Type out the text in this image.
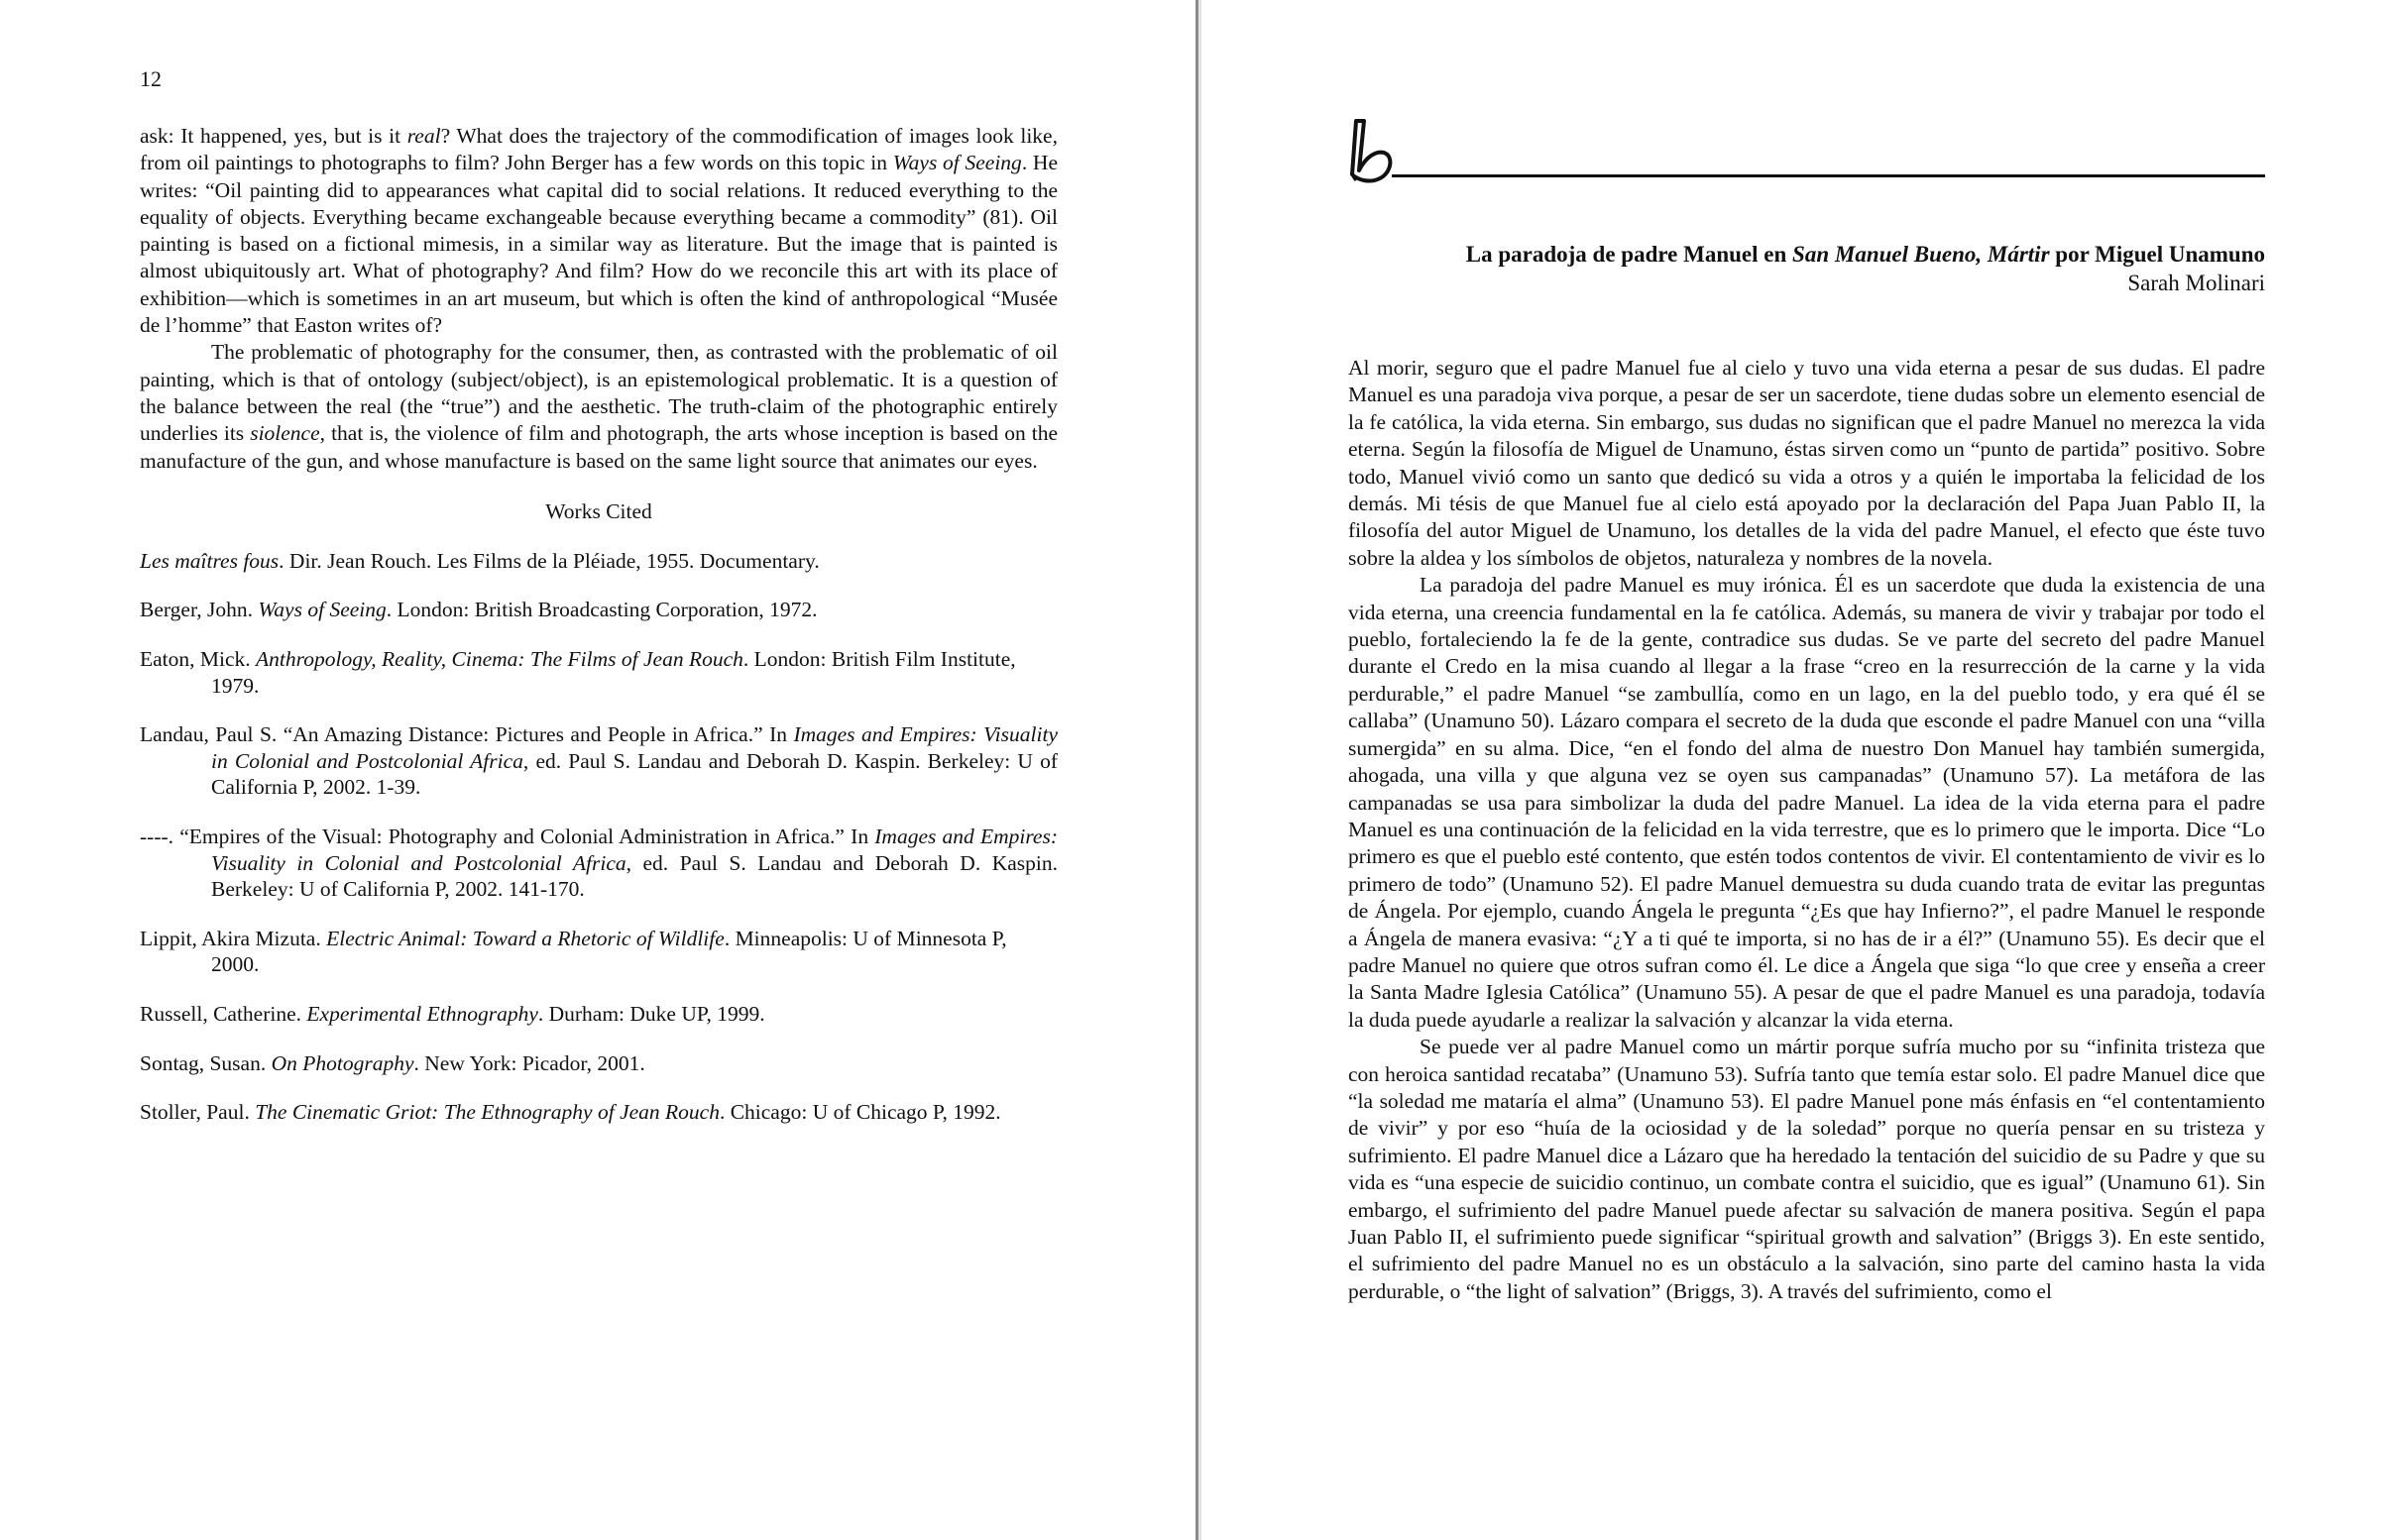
12

ask: It happened, yes, but is it real? What does the trajectory of the commodification of images look like, from oil paintings to photographs to film? John Berger has a few words on this topic in Ways of Seeing. He writes: “Oil painting did to appearances what capital did to social relations. It reduced everything to the equality of objects. Everything became exchangeable because everything became a commodity” (81). Oil painting is based on a fictional mimesis, in a similar way as literature. But the image that is painted is almost ubiquitously art. What of photography? And film? How do we reconcile this art with its place of exhibition—which is sometimes in an art museum, but which is often the kind of anthropological “Musée de l’homme” that Easton writes of?

The problematic of photography for the consumer, then, as contrasted with the problematic of oil painting, which is that of ontology (subject/object), is an epistemological problematic. It is a question of the balance between the real (the “true”) and the aesthetic. The truth-claim of the photographic entirely underlies its siolence, that is, the violence of film and photograph, the arts whose inception is based on the manufacture of the gun, and whose manufacture is based on the same light source that animates our eyes.

Works Cited

Les maîtres fous. Dir. Jean Rouch. Les Films de la Pléiade, 1955. Documentary.

Berger, John. Ways of Seeing. London: British Broadcasting Corporation, 1972.

Eaton, Mick. Anthropology, Reality, Cinema: The Films of Jean Rouch. London: British Film Institute, 1979.

Landau, Paul S. “An Amazing Distance: Pictures and People in Africa.” In Images and Empires: Visuality in Colonial and Postcolonial Africa, ed. Paul S. Landau and Deborah D. Kaspin. Berkeley: U of California P, 2002. 1-39.

----. “Empires of the Visual: Photography and Colonial Administration in Africa.” In Images and Empires: Visuality in Colonial and Postcolonial Africa, ed. Paul S. Landau and Deborah D. Kaspin. Berkeley: U of California P, 2002. 141-170.

Lippit, Akira Mizuta. Electric Animal: Toward a Rhetoric of Wildlife. Minneapolis: U of Minnesota P, 2000.

Russell, Catherine. Experimental Ethnography. Durham: Duke UP, 1999.

Sontag, Susan. On Photography. New York: Picador, 2001.

Stoller, Paul. The Cinematic Griot: The Ethnography of Jean Rouch. Chicago: U of Chicago P, 1992.

La paradoja de padre Manuel en San Manuel Bueno, Mártir por Miguel Unamuno
Sarah Molinari

Al morir, seguro que el padre Manuel fue al cielo y tuvo una vida eterna a pesar de sus dudas. El padre Manuel es una paradoja viva porque, a pesar de ser un sacerdote, tiene dudas sobre un elemento esencial de la fe católica, la vida eterna. Sin embargo, sus dudas no significan que el padre Manuel no merezca la vida eterna. Según la filosofía de Miguel de Unamuno, éstas sirven como un “punto de partida” positivo. Sobre todo, Manuel vivió como un santo que dedicó su vida a otros y a quién le importaba la felicidad de los demás. Mi tésis de que Manuel fue al cielo está apoyado por la declaración del Papa Juan Pablo II, la filosofía del autor Miguel de Unamuno, los detalles de la vida del padre Manuel, el efecto que éste tuvo sobre la aldea y los símbolos de objetos, naturaleza y nombres de la novela.

La paradoja del padre Manuel es muy irónica. Él es un sacerdote que duda la existencia de una vida eterna, una creencia fundamental en la fe católica. Además, su manera de vivir y trabajar por todo el pueblo, fortaleciendo la fe de la gente, contradice sus dudas. Se ve parte del secreto del padre Manuel durante el Credo en la misa cuando al llegar a la frase “creo en la resurrección de la carne y la vida perdurable,” el padre Manuel “se zambullía, como en un lago, en la del pueblo todo, y era qué él se callaba” (Unamuno 50). Lázaro compara el secreto de la duda que esconde el padre Manuel con una “villa sumergida” en su alma. Dice, “en el fondo del alma de nuestro Don Manuel hay también sumergida, ahogada, una villa y que alguna vez se oyen sus campanadas” (Unamuno 57). La metáfora de las campanadas se usa para simbolizar la duda del padre Manuel. La idea de la vida eterna para el padre Manuel es una continuación de la felicidad en la vida terrestre, que es lo primero que le importa. Dice “Lo primero es que el pueblo esté contento, que estén todos contentos de vivir. El contentamiento de vivir es lo primero de todo” (Unamuno 52). El padre Manuel demuestra su duda cuando trata de evitar las preguntas de Ángela. Por ejemplo, cuando Ángela le pregunta “¿Es que hay Infierno?”, el padre Manuel le responde a Ángela de manera evasiva: “¿Y a ti qué te importa, si no has de ir a él?” (Unamuno 55). Es decir que el padre Manuel no quiere que otros sufran como él. Le dice a Ángela que siga “lo que cree y enseña a creer la Santa Madre Iglesia Católica” (Unamuno 55). A pesar de que el padre Manuel es una paradoja, todavía la duda puede ayudarle a realizar la salvación y alcanzar la vida eterna.

Se puede ver al padre Manuel como un mártir porque sufría mucho por su “infinita tristeza que con heroica santidad recataba” (Unamuno 53). Sufría tanto que temía estar solo. El padre Manuel dice que “la soledad me mataría el alma” (Unamuno 53). El padre Manuel pone más énfasis en “el contentamiento de vivir” y por eso “huía de la ociosidad y de la soledad” porque no quería pensar en su tristeza y sufrimiento. El padre Manuel dice a Lázaro que ha heredado la tentación del suicidio de su Padre y que su vida es “una especie de suicidio continuo, un combate contra el suicidio, que es igual” (Unamuno 61). Sin embargo, el sufrimiento del padre Manuel puede afectar su salvación de manera positiva. Según el papa Juan Pablo II, el sufrimiento puede significar “spiritual growth and salvation” (Briggs 3). En este sentido, el sufrimiento del padre Manuel no es un obstáculo a la salvación, sino parte del camino hasta la vida perdurable, o “the light of salvation” (Briggs, 3). A través del sufrimiento, como el
